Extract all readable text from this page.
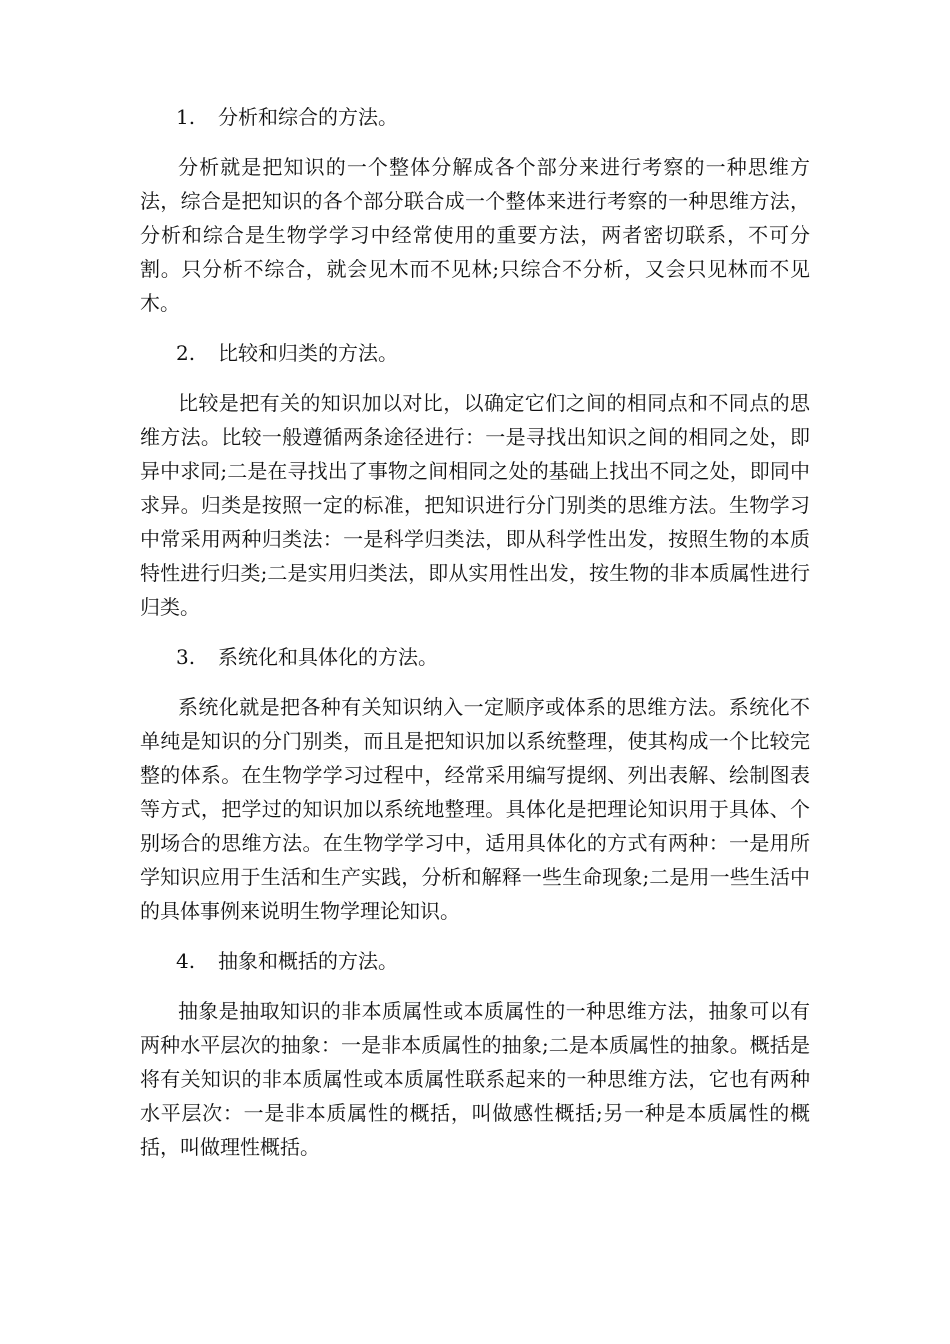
1. 分析和综合的方法。

分析就是把知识的一个整体分解成各个部分来进行考察的一种思维方法，综合是把知识的各个部分联合成一个整体来进行考察的一种思维方法，分析和综合是生物学学习中经常使用的重要方法，两者密切联系，不可分割。只分析不综合，就会见木而不见林;只综合不分析，又会只见林而不见木。

2. 比较和归类的方法。

比较是把有关的知识加以对比，以确定它们之间的相同点和不同点的思维方法。比较一般遵循两条途径进行：一是寻找出知识之间的相同之处，即异中求同;二是在寻找出了事物之间相同之处的基础上找出不同之处，即同中求异。归类是按照一定的标准，把知识进行分门别类的思维方法。生物学习中常采用两种归类法：一是科学归类法，即从科学性出发，按照生物的本质特性进行归类;二是实用归类法，即从实用性出发，按生物的非本质属性进行归类。

3. 系统化和具体化的方法。

系统化就是把各种有关知识纳入一定顺序或体系的思维方法。系统化不单纯是知识的分门别类，而且是把知识加以系统整理，使其构成一个比较完整的体系。在生物学学习过程中，经常采用编写提纲、列出表解、绘制图表等方式，把学过的知识加以系统地整理。具体化是把理论知识用于具体、个别场合的思维方法。在生物学学习中，适用具体化的方式有两种：一是用所学知识应用于生活和生产实践，分析和解释一些生命现象;二是用一些生活中的具体事例来说明生物学理论知识。

4. 抽象和概括的方法。

抽象是抽取知识的非本质属性或本质属性的一种思维方法，抽象可以有两种水平层次的抽象：一是非本质属性的抽象;二是本质属性的抽象。概括是将有关知识的非本质属性或本质属性联系起来的一种思维方法，它也有两种水平层次：一是非本质属性的概括，叫做感性概括;另一种是本质属性的概括，叫做理性概括。
